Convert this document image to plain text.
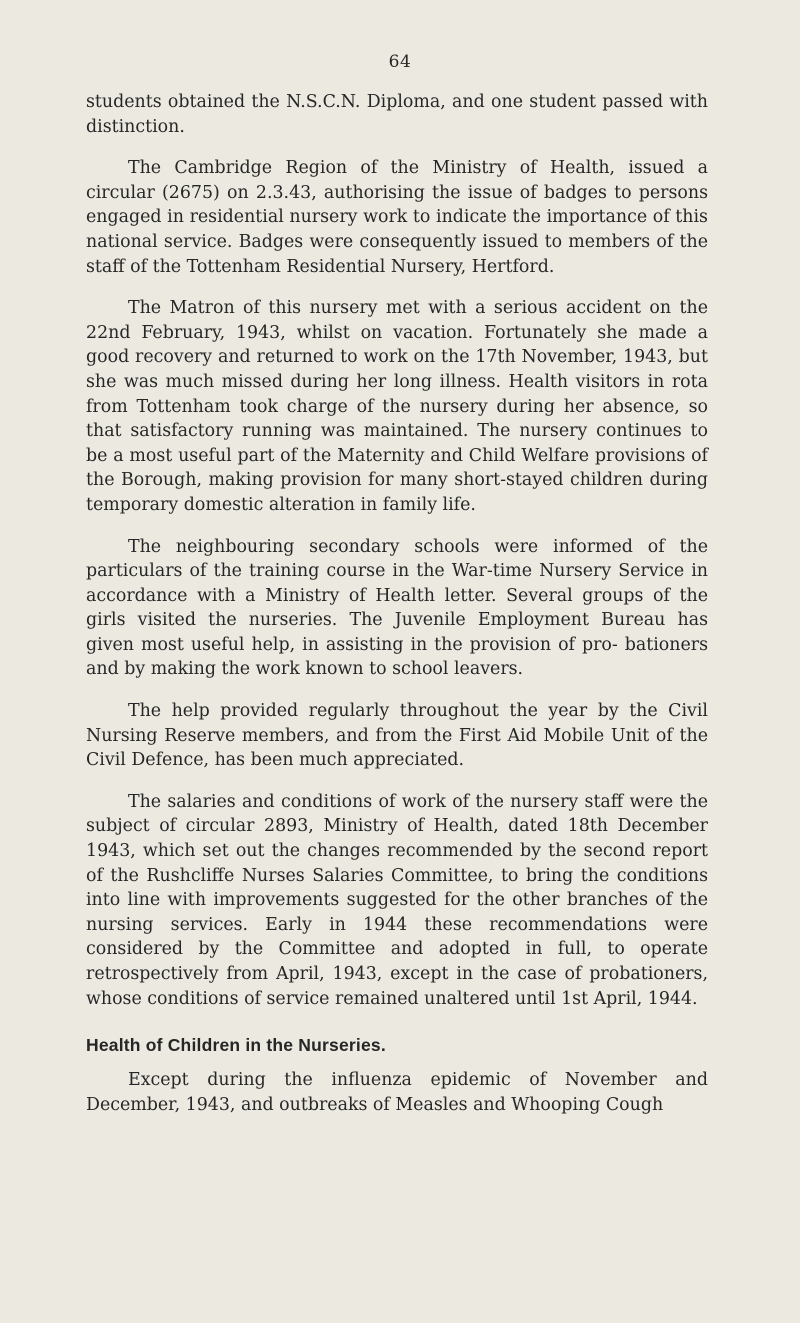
64

students obtained the N.S.C.N. Diploma, and one student passed with distinction.

The Cambridge Region of the Ministry of Health, issued a circular (2675) on 2.3.43, authorising the issue of badges to persons engaged in residential nursery work to indicate the importance of this national service. Badges were consequently issued to members of the staff of the Tottenham Residential Nursery, Hertford.

The Matron of this nursery met with a serious accident on the 22nd February, 1943, whilst on vacation. Fortunately she made a good recovery and returned to work on the 17th November, 1943, but she was much missed during her long illness. Health visitors in rota from Tottenham took charge of the nursery during her absence, so that satisfactory running was maintained. The nursery continues to be a most useful part of the Maternity and Child Welfare provisions of the Borough, making provision for many short-stayed children during temporary domestic alteration in family life.

The neighbouring secondary schools were informed of the particulars of the training course in the War-time Nursery Service in accordance with a Ministry of Health letter. Several groups of the girls visited the nurseries. The Juvenile Employment Bureau has given most useful help, in assisting in the provision of pro- bationers and by making the work known to school leavers.

The help provided regularly throughout the year by the Civil Nursing Reserve members, and from the First Aid Mobile Unit of the Civil Defence, has been much appreciated.

The salaries and conditions of work of the nursery staff were the subject of circular 2893, Ministry of Health, dated 18th December 1943, which set out the changes recommended by the second report of the Rushcliffe Nurses Salaries Committee, to bring the conditions into line with improvements suggested for the other branches of the nursing services. Early in 1944 these recommendations were considered by the Committee and adopted in full, to operate retrospectively from April, 1943, except in the case of probationers, whose conditions of service remained unaltered until 1st April, 1944.

Health of Children in the Nurseries.

Except during the influenza epidemic of November and December, 1943, and outbreaks of Measles and Whooping Cough
